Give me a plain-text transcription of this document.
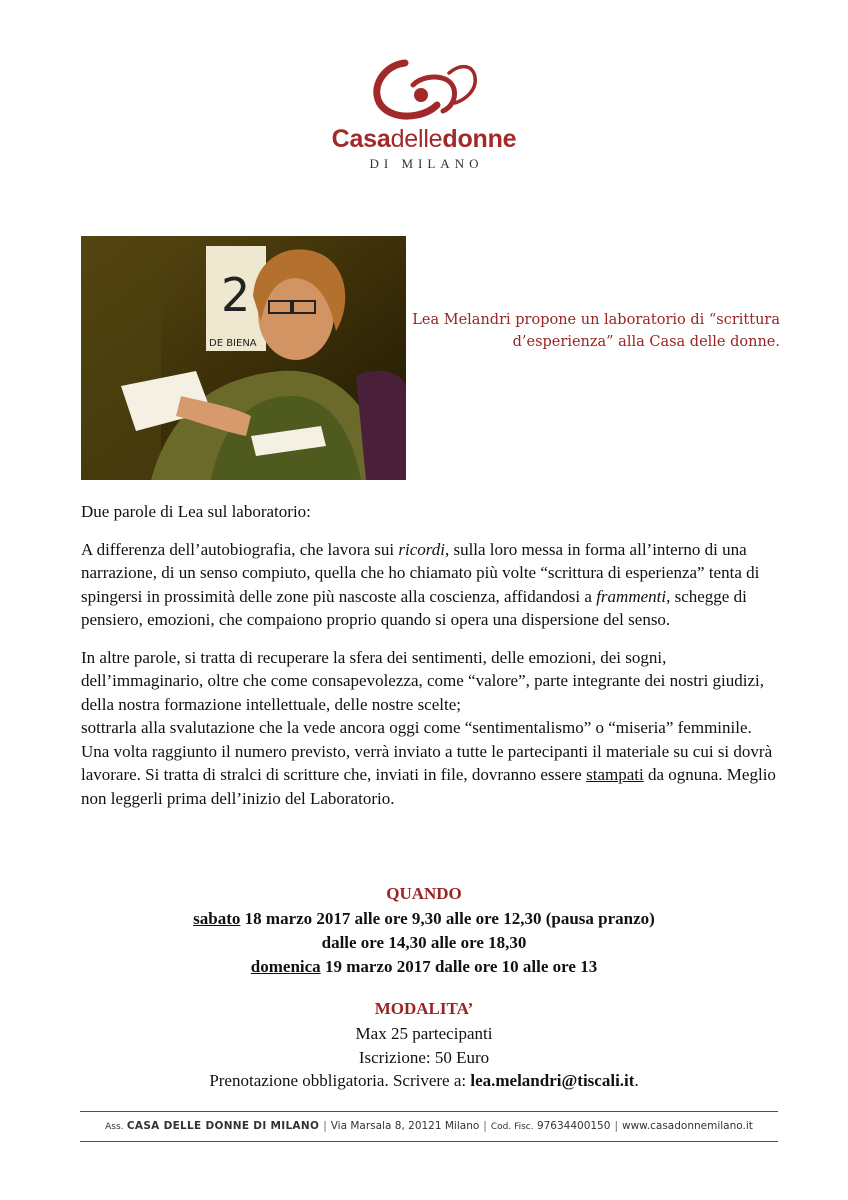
Casadelledonne
DI MILANO
2
DE BIENA
Lea Melandri propone un laboratorio di “scrittura
d’esperienza” alla Casa delle donne.

Due parole di Lea sul laboratorio:

A differenza dell’autobiografia, che lavora sui ricordi, sulla loro messa in forma all’interno di una narrazione, di un senso compiuto, quella che ho chiamato più volte “scrittura di esperienza” tenta di spingersi in prossimità delle zone più nascoste alla coscienza, affidandosi a frammenti, schegge di pensiero, emozioni, che compaiono proprio quando si opera una dispersione del senso.

In altre parole, si tratta di recuperare la sfera dei sentimenti, delle emozioni, dei sogni, dell’immaginario, oltre che come consapevolezza, come “valore”, parte integrante dei nostri giudizi, della nostra formazione intellettuale, delle nostre scelte;

sottrarla alla svalutazione che la vede ancora oggi come “sentimentalismo” o “miseria” femminile.

Una volta raggiunto il numero previsto, verrà inviato a tutte le partecipanti il materiale su cui si dovrà lavorare. Si tratta di stralci di scritture che, inviati in file, dovranno essere stampati da ognuna. Meglio non leggerli prima dell’inizio del Laboratorio.

QUANDO
sabato 18 marzo 2017 alle ore 9,30 alle ore 12,30 (pausa pranzo)
dalle ore 14,30 alle ore 18,30
domenica 19 marzo 2017 dalle ore 10 alle ore 13
MODALITA’
Max 25 partecipanti
Iscrizione: 50 Euro
Prenotazione obbligatoria. Scrivere a: lea.melandri@tiscali.it.
Ass. CASA DELLE DONNE DI MILANO | Via Marsala 8, 20121 Milano | Cod. Fisc. 97634400150 | www.casadonnemilano.it
